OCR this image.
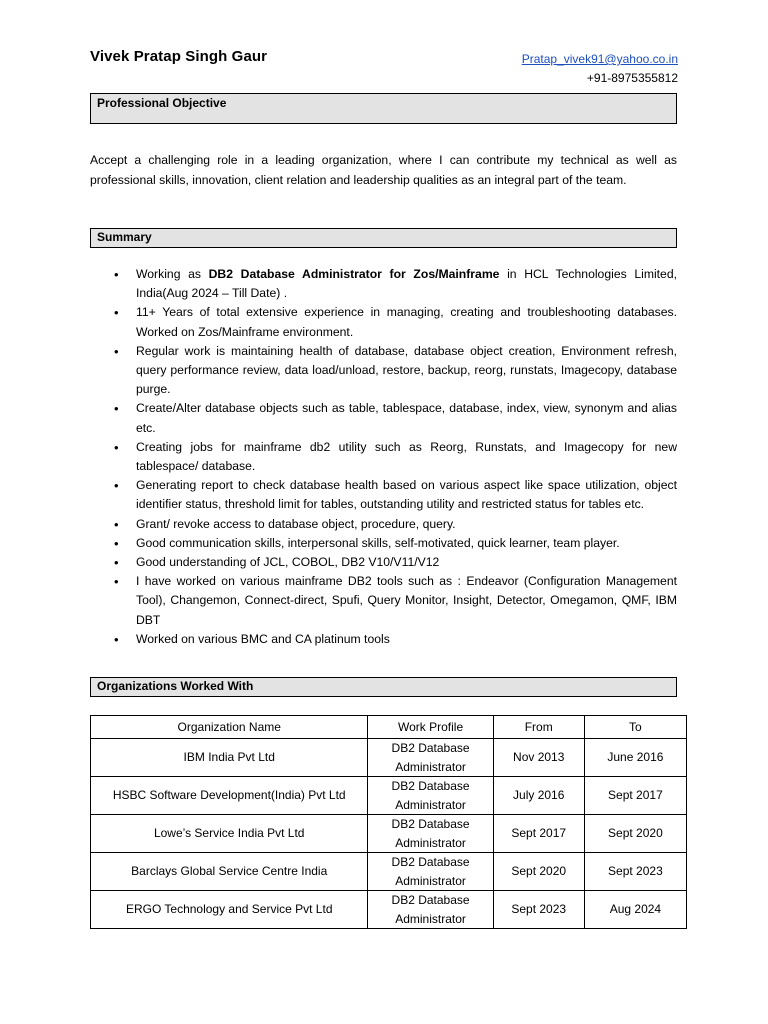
Vivek Pratap Singh Gaur	Pratap_vivek91@yahoo.co.in
+91-8975355812
Professional Objective

Accept a challenging role in a leading organization, where I can contribute my technical as well as professional skills, innovation, client relation and leadership qualities as an integral part of the team.

Summary
• Working as DB2 Database Administrator for Zos/Mainframe in HCL Technologies Limited, India(Aug 2024 – Till Date) .
• 11+ Years of total extensive experience in managing, creating and troubleshooting databases. Worked on Zos/Mainframe environment.
• Regular work is maintaining health of database, database object creation, Environment refresh, query performance review, data load/unload, restore, backup, reorg, runstats, Imagecopy, database purge.
• Create/Alter database objects such as table, tablespace, database, index, view, synonym and alias etc.
• Creating jobs for mainframe db2 utility such as Reorg, Runstats, and Imagecopy for new tablespace/ database.
• Generating report to check database health based on various aspect like space utilization, object identifier status, threshold limit for tables, outstanding utility and restricted status for tables etc.
• Grant/ revoke access to database object, procedure, query.
• Good communication skills, interpersonal skills, self-motivated, quick learner, team player.
• Good understanding of JCL, COBOL, DB2 V10/V11/V12
• I have worked on various mainframe DB2 tools such as : Endeavor (Configuration Management Tool), Changemon, Connect-direct, Spufi, Query Monitor, Insight, Detector, Omegamon, QMF, IBM DBT
• Worked on various BMC and CA platinum tools
Organizations Worked With
Organization Name	Work Profile	From	To
IBM India Pvt Ltd	DB2 Database
Administrator	Nov 2013	June 2016
HSBC Software Development(India) Pvt Ltd	DB2 Database
Administrator	July 2016	Sept 2017
Lowe’s Service India Pvt Ltd	DB2 Database
Administrator	Sept 2017	Sept 2020
Barclays Global Service Centre India	DB2 Database
Administrator	Sept 2020	Sept 2023
ERGO Technology and Service Pvt Ltd	DB2 Database
Administrator	Sept 2023	Aug 2024
